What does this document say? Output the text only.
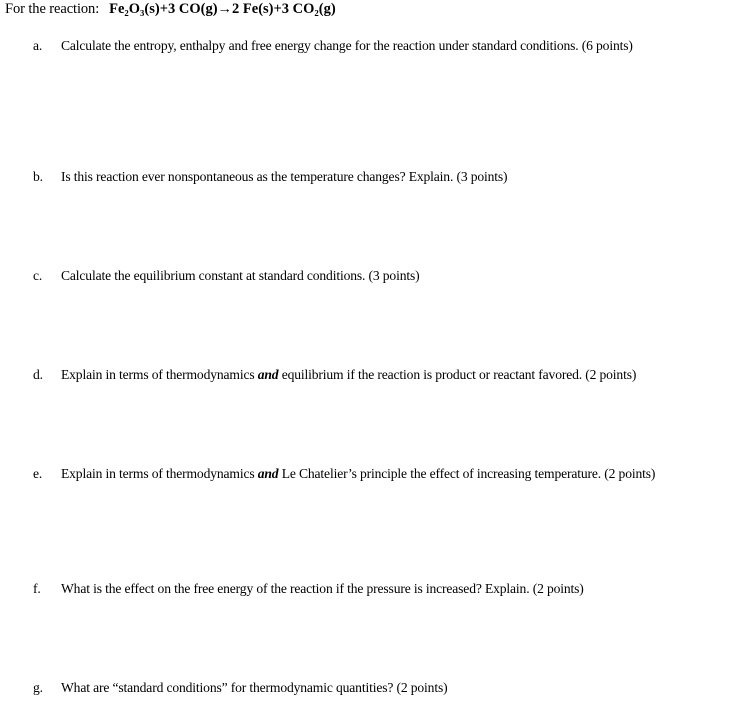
For the reaction: Fe₂O₃(s)+3 CO(g)→2 Fe(s)+3 CO₂(g)
a. Calculate the entropy, enthalpy and free energy change for the reaction under standard conditions. (6 points)
b. Is this reaction ever nonspontaneous as the temperature changes? Explain. (3 points)
c. Calculate the equilibrium constant at standard conditions. (3 points)
d. Explain in terms of thermodynamics and equilibrium if the reaction is product or reactant favored. (2 points)
e. Explain in terms of thermodynamics and Le Chatelier’s principle the effect of increasing temperature. (2 points)
f. What is the effect on the free energy of the reaction if the pressure is increased? Explain. (2 points)
g. What are “standard conditions” for thermodynamic quantities? (2 points)
